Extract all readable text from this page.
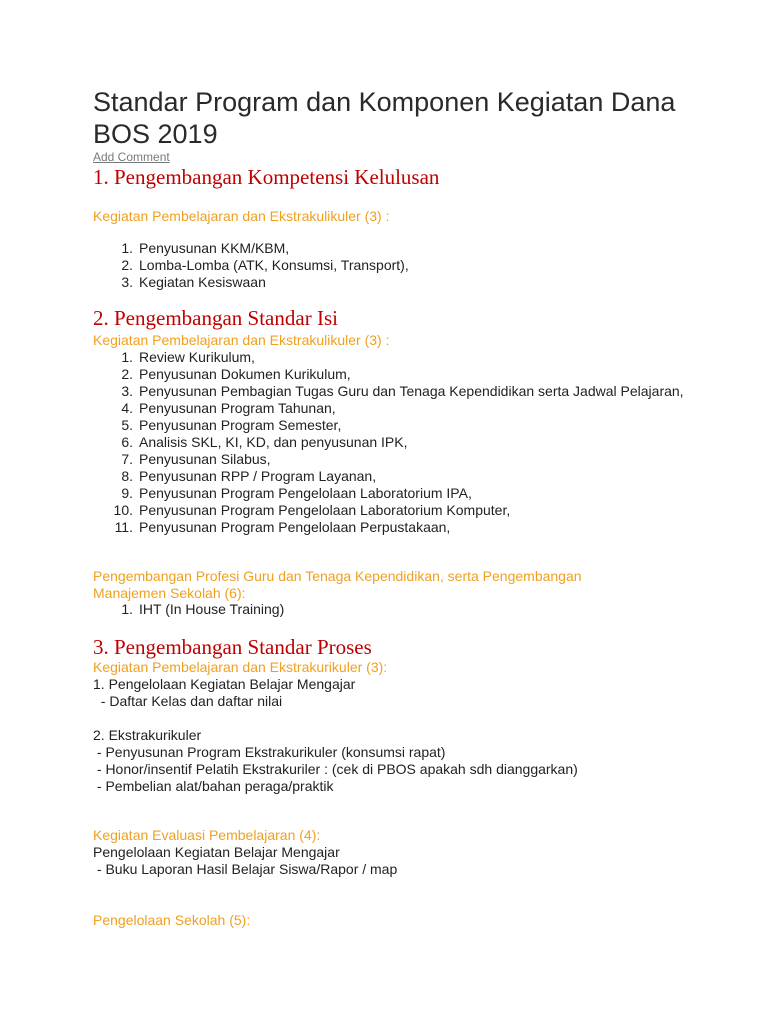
Standar Program dan Komponen Kegiatan Dana BOS 2019
Add Comment
1. Pengembangan Kompetensi Kelulusan
Kegiatan Pembelajaran dan Ekstrakulikuler (3) :
1. Penyusunan KKM/KBM,
2. Lomba-Lomba (ATK, Konsumsi, Transport),
3. Kegiatan Kesiswaan
2. Pengembangan Standar Isi
Kegiatan Pembelajaran dan Ekstrakulikuler (3) :
1. Review Kurikulum,
2. Penyusunan Dokumen Kurikulum,
3. Penyusunan Pembagian Tugas Guru dan Tenaga Kependidikan serta Jadwal Pelajaran,
4. Penyusunan Program Tahunan,
5. Penyusunan Program Semester,
6. Analisis SKL, KI, KD, dan penyusunan IPK,
7. Penyusunan Silabus,
8. Penyusunan RPP / Program Layanan,
9. Penyusunan Program Pengelolaan Laboratorium IPA,
10. Penyusunan Program Pengelolaan Laboratorium Komputer,
11. Penyusunan Program Pengelolaan Perpustakaan,
Pengembangan Profesi Guru dan Tenaga Kependidikan, serta Pengembangan Manajemen Sekolah (6):
1. IHT (In House Training)
3. Pengembangan Standar Proses
Kegiatan Pembelajaran dan Ekstrakurikuler (3):
1. Pengelolaan Kegiatan Belajar Mengajar
- Daftar Kelas dan daftar nilai
2. Ekstrakurikuler
- Penyusunan Program Ekstrakurikuler (konsumsi rapat)
- Honor/insentif Pelatih Ekstrakuriler : (cek di PBOS apakah sdh dianggarkan)
- Pembelian alat/bahan peraga/praktik
Kegiatan Evaluasi Pembelajaran (4):
Pengelolaan Kegiatan Belajar Mengajar
- Buku Laporan Hasil Belajar Siswa/Rapor / map
Pengelolaan Sekolah (5):
